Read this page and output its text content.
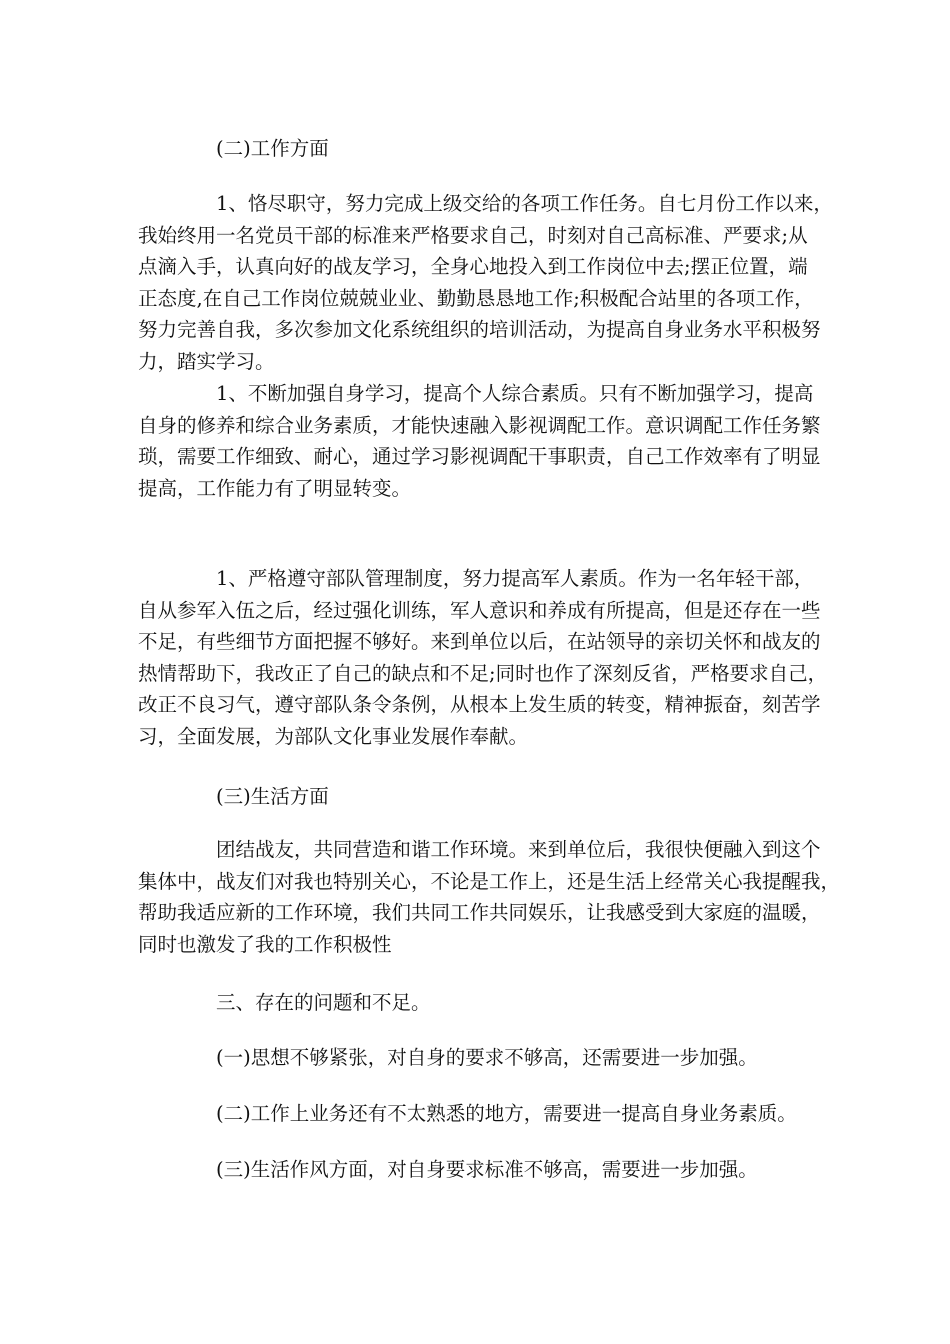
(二)工作方面
1、恪尽职守，努力完成上级交给的各项工作任务。自七月份工作以来，
我始终用一名党员干部的标准来严格要求自己，时刻对自己高标准、严要求;从
点滴入手，认真向好的战友学习，全身心地投入到工作岗位中去;摆正位置，端
正态度,在自己工作岗位兢兢业业、勤勤恳恳地工作;积极配合站里的各项工作，
努力完善自我，多次参加文化系统组织的培训活动，为提高自身业务水平积极努
力，踏实学习。
1、不断加强自身学习，提高个人综合素质。只有不断加强学习，提高
自身的修养和综合业务素质，才能快速融入影视调配工作。意识调配工作任务繁
琐，需要工作细致、耐心，通过学习影视调配干事职责，自己工作效率有了明显
提高，工作能力有了明显转变。
1、严格遵守部队管理制度，努力提高军人素质。作为一名年轻干部，
自从参军入伍之后，经过强化训练，军人意识和养成有所提高，但是还存在一些
不足，有些细节方面把握不够好。来到单位以后，在站领导的亲切关怀和战友的
热情帮助下，我改正了自己的缺点和不足;同时也作了深刻反省，严格要求自己，
改正不良习气，遵守部队条令条例，从根本上发生质的转变，精神振奋，刻苦学
习，全面发展，为部队文化事业发展作奉献。
(三)生活方面
团结战友，共同营造和谐工作环境。来到单位后，我很快便融入到这个
集体中，战友们对我也特别关心，不论是工作上，还是生活上经常关心我提醒我，
帮助我适应新的工作环境，我们共同工作共同娱乐，让我感受到大家庭的温暖，
同时也激发了我的工作积极性
三、存在的问题和不足。
(一)思想不够紧张，对自身的要求不够高，还需要进一步加强。
(二)工作上业务还有不太熟悉的地方，需要进一提高自身业务素质。
(三)生活作风方面，对自身要求标准不够高，需要进一步加强。
